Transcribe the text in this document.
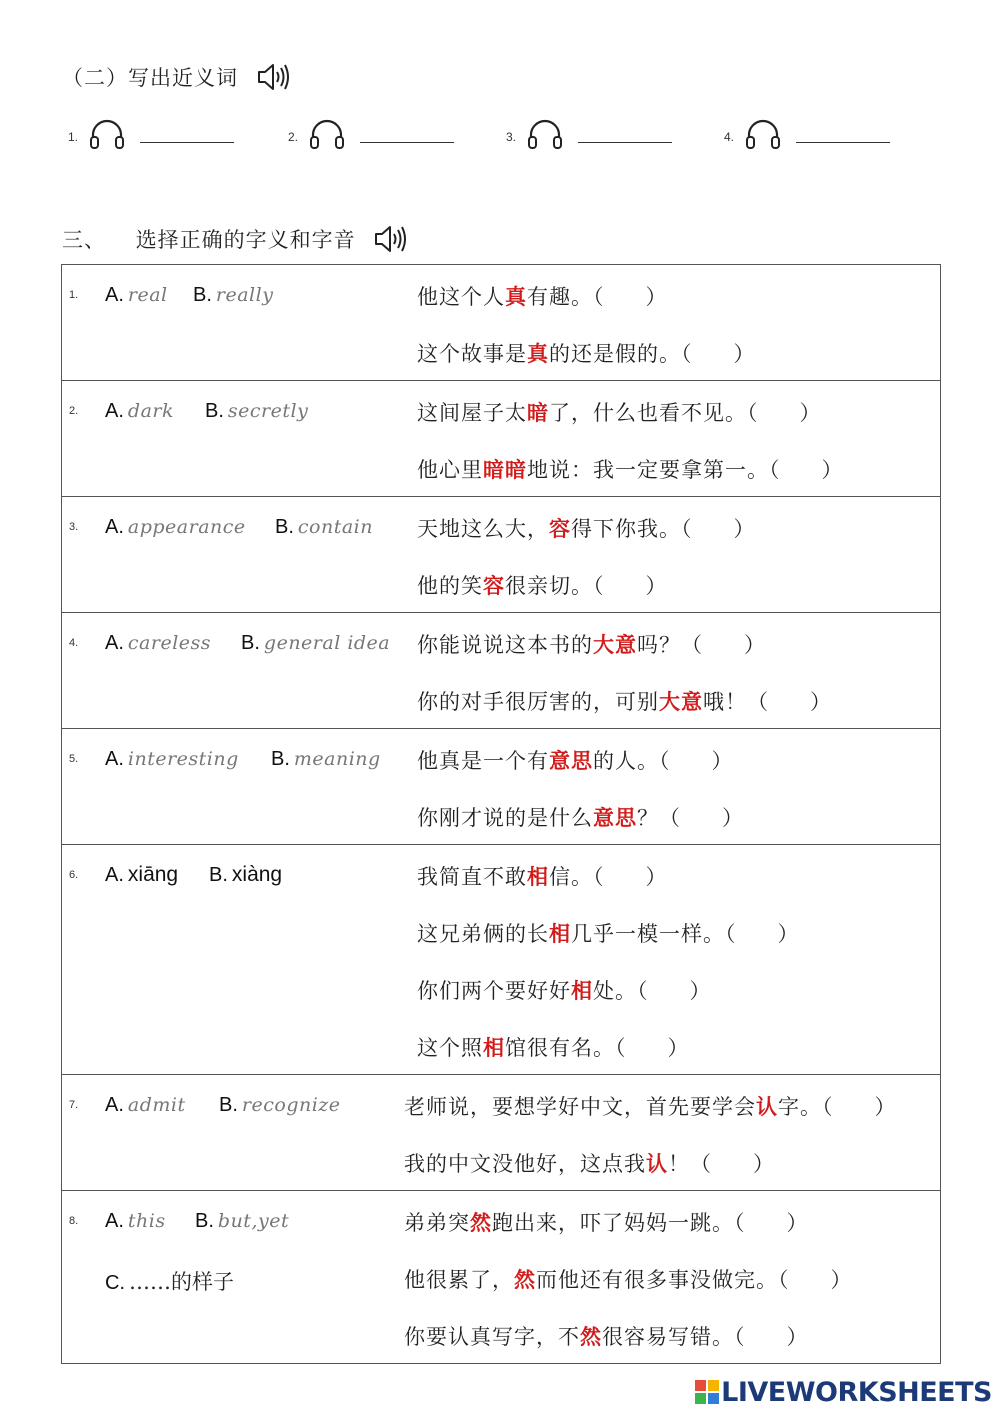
（二）写出近义词
1.	2.	3.	4.
三、 选择正确的字义和字音
1. A. real B. really	他这个人真有趣。（　　）
这个故事是真的还是假的。（　　）

2. A. dark B. secretly	这间屋子太暗了，什么也看不见。（　　）
他心里暗暗地说：我一定要拿第一。（　　）

3. A. appearance B. contain 天地这么大，容得下你我。（　　）
他的笑容很亲切。（　　）

4. A. careless B. general idea 你能说说这本书的大意吗？（　　）
你的对手很厉害的，可别大意哦！（　　）

5. A. interesting B. meaning 他真是一个有意思的人。（　　）
你刚才说的是什么意思？（　　）

6. A. xiāng B. xiàng	我简直不敢相信。（　　）
这兄弟俩的长相几乎一模一样。（　　）
你们两个要好好相处。（　　）
这个照相馆很有名。（　　）

7. A. admit B. recognize	老师说，要想学好中文，首先要学会认字。（　　）
我的中文没他好，这点我认！（　　）

8. A. this B. but,yet
C. ……的样子
弟弟突然跑出来，吓了妈妈一跳。（　　）
他很累了，然而他还有很多事没做完。（　　）
你要认真写字，不然很容易写错。（　　）
LIVEWORKSHEETS
